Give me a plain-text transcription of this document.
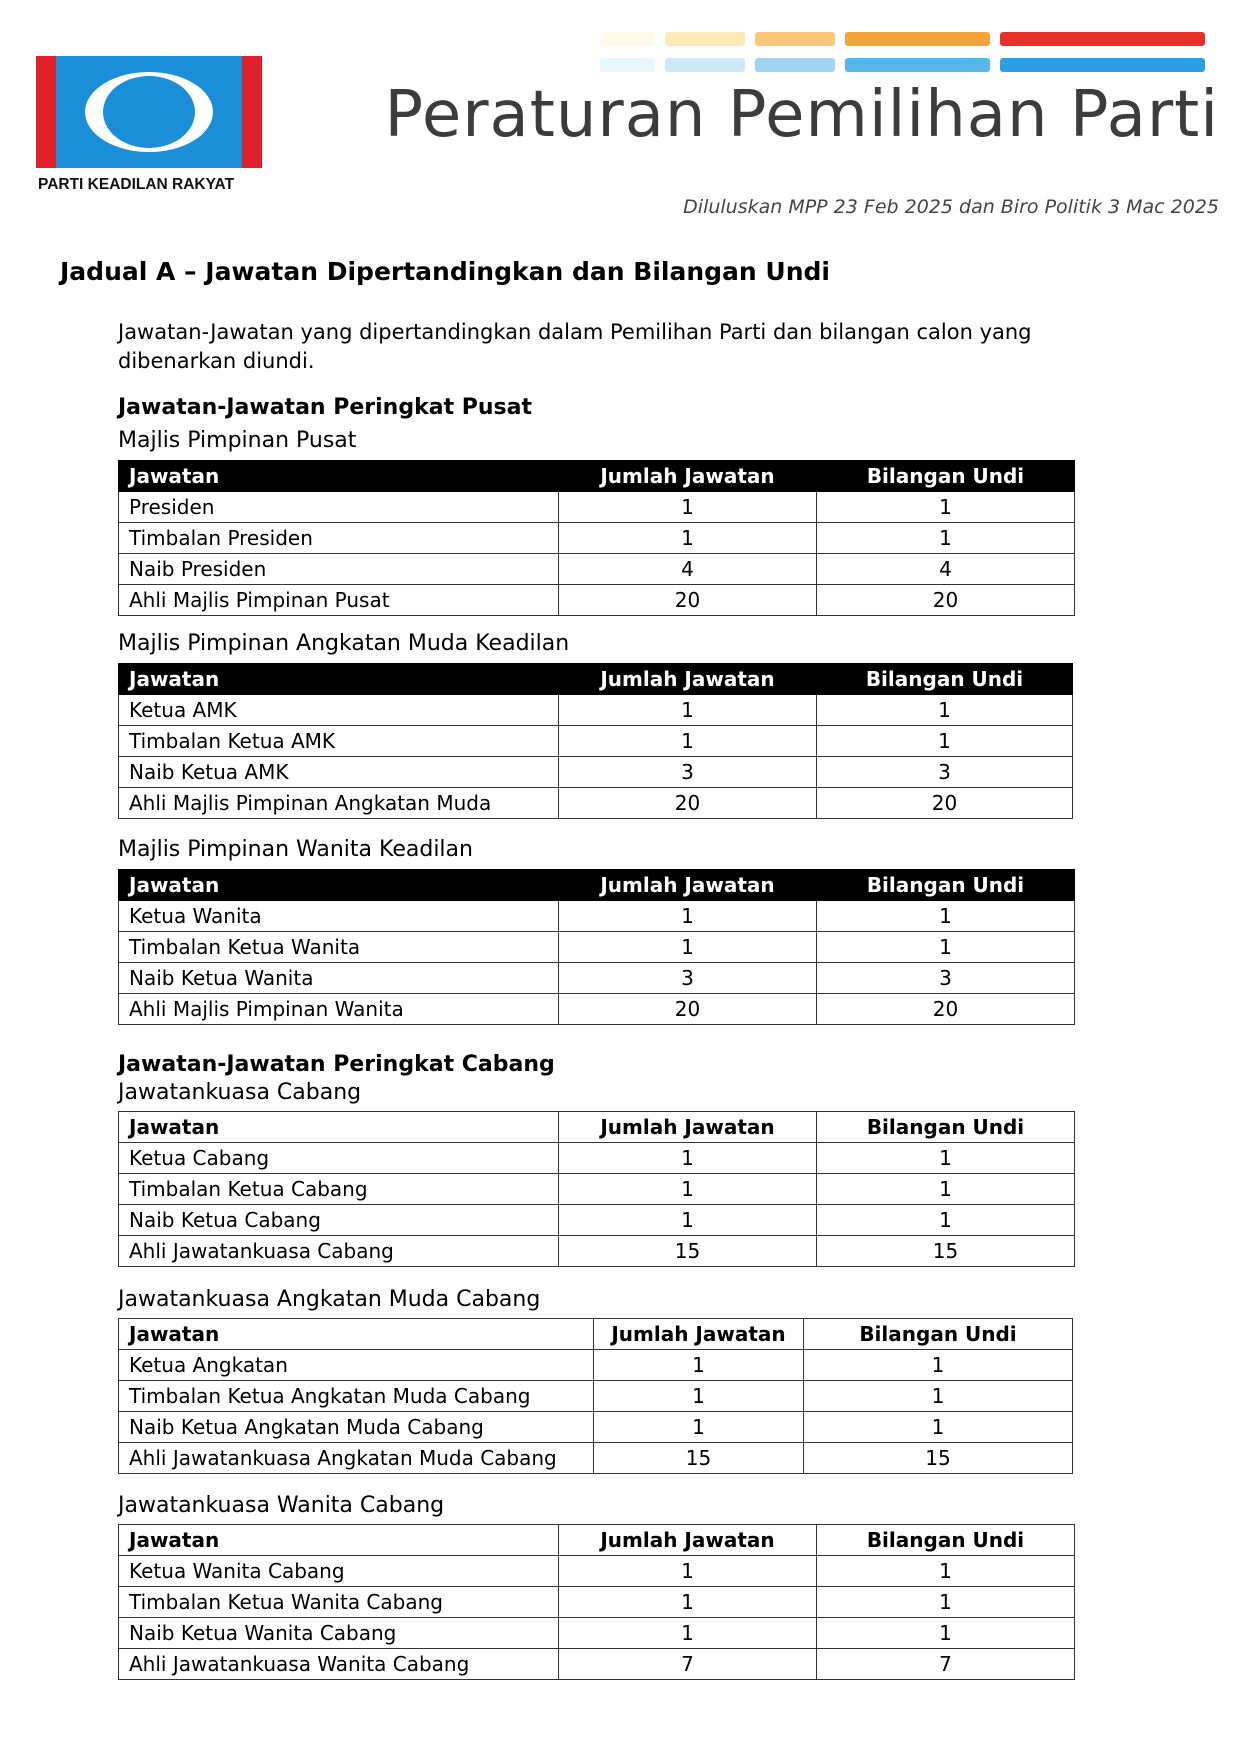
PARTI KEADILAN RAKYAT
Peraturan Pemilihan Parti
Diluluskan MPP 23 Feb 2025 dan Biro Politik 3 Mac 2025
Jadual A – Jawatan Dipertandingkan dan Bilangan Undi
Jawatan-Jawatan yang dipertandingkan dalam Pemilihan Parti dan bilangan calon yang dibenarkan diundi.
Jawatan-Jawatan Peringkat Pusat
Majlis Pimpinan Pusat
Jawatan	Jumlah Jawatan	Bilangan Undi
Presiden	1	1
Timbalan Presiden	1	1
Naib Presiden	4	4
Ahli Majlis Pimpinan Pusat	20	20
Majlis Pimpinan Angkatan Muda Keadilan
Jawatan	Jumlah Jawatan	Bilangan Undi
Ketua AMK	1	1
Timbalan Ketua AMK	1	1
Naib Ketua AMK	3	3
Ahli Majlis Pimpinan Angkatan Muda	20	20
Majlis Pimpinan Wanita Keadilan
Jawatan	Jumlah Jawatan	Bilangan Undi
Ketua Wanita	1	1
Timbalan Ketua Wanita	1	1
Naib Ketua Wanita	3	3
Ahli Majlis Pimpinan Wanita	20	20
Jawatan-Jawatan Peringkat Cabang
Jawatankuasa Cabang
Jawatan	Jumlah Jawatan	Bilangan Undi
Ketua Cabang	1	1
Timbalan Ketua Cabang	1	1
Naib Ketua Cabang	1	1
Ahli Jawatankuasa Cabang	15	15
Jawatankuasa Angkatan Muda Cabang
Jawatan	Jumlah Jawatan	Bilangan Undi
Ketua Angkatan	1	1
Timbalan Ketua Angkatan Muda Cabang	1	1
Naib Ketua Angkatan Muda Cabang	1	1
Ahli Jawatankuasa Angkatan Muda Cabang	15	15
Jawatankuasa Wanita Cabang
Jawatan	Jumlah Jawatan	Bilangan Undi
Ketua Wanita Cabang	1	1
Timbalan Ketua Wanita Cabang	1	1
Naib Ketua Wanita Cabang	1	1
Ahli Jawatankuasa Wanita Cabang	7	7
